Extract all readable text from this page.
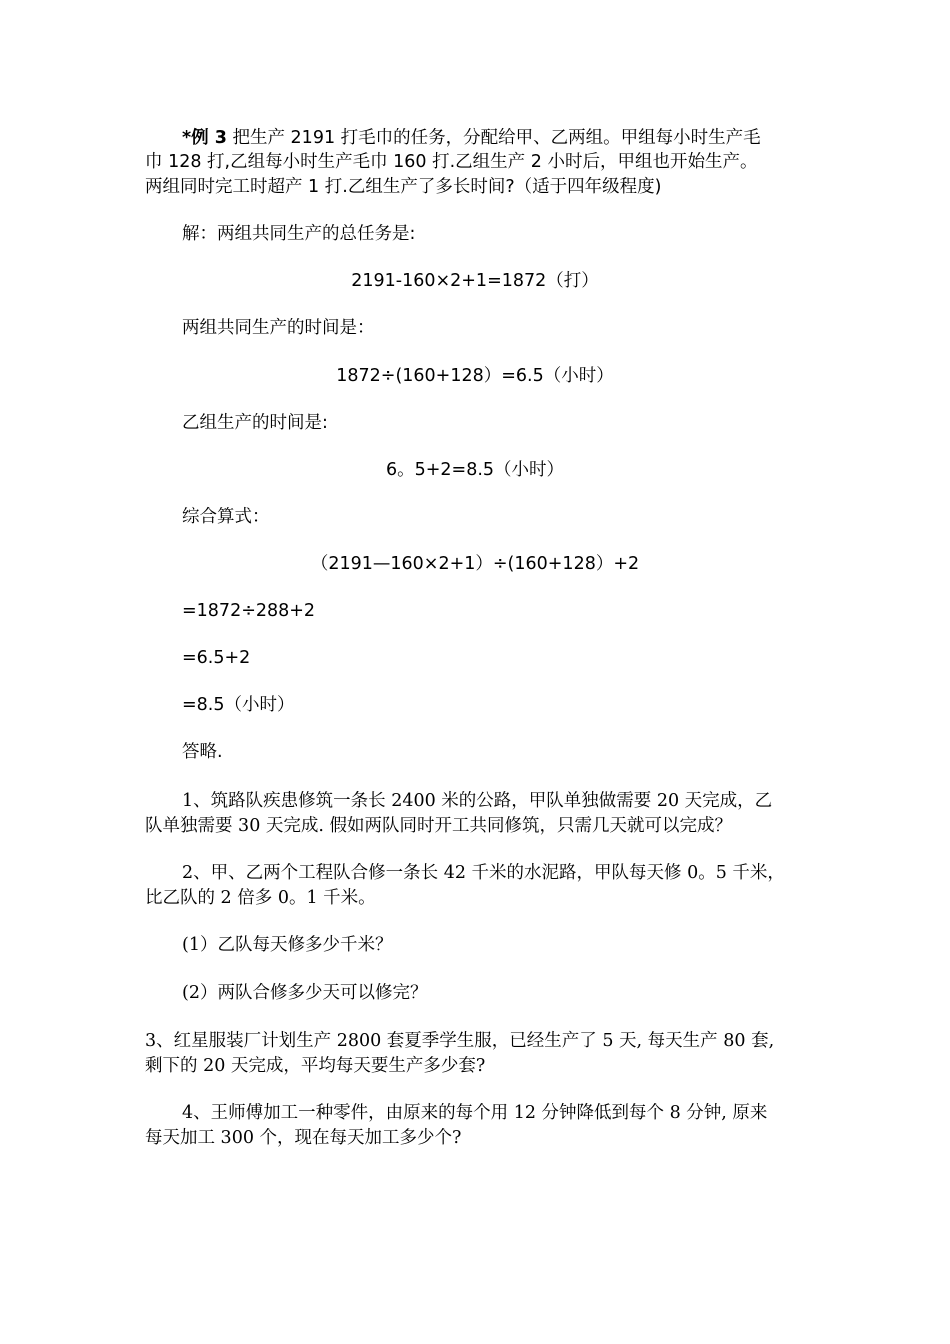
*例 3 把生产 2191 打毛巾的任务，分配给甲、乙两组。甲组每小时生产毛
巾 128 打,乙组每小时生产毛巾 160 打.乙组生产 2 小时后，甲组也开始生产。
两组同时完工时超产 1 打.乙组生产了多长时间?（适于四年级程度)
解：两组共同生产的总任务是:
2191-160×2+1=1872（打）
两组共同生产的时间是：
1872÷(160+128）=6.5（小时）
乙组生产的时间是:
6。5+2=8.5（小时）
综合算式：
（2191—160×2+1）÷(160+128）+2
=1872÷288+2
=6.5+2
=8.5（小时）
答略.
1、筑路队疾患修筑一条长 2400 米的公路，甲队单独做需要 20 天完成，乙
队单独需要 30 天完成. 假如两队同时开工共同修筑，只需几天就可以完成？
2、甲、乙两个工程队合修一条长 42 千米的水泥路，甲队每天修 0。5 千米，
比乙队的 2 倍多 0。1 千米。
(1）乙队每天修多少千米？
(2）两队合修多少天可以修完？
3、红星服装厂计划生产 2800 套夏季学生服，已经生产了 5 天, 每天生产 80 套,
剩下的 20 天完成，平均每天要生产多少套?
4、王师傅加工一种零件，由原来的每个用 12 分钟降低到每个 8 分钟, 原来
每天加工 300 个，现在每天加工多少个?
